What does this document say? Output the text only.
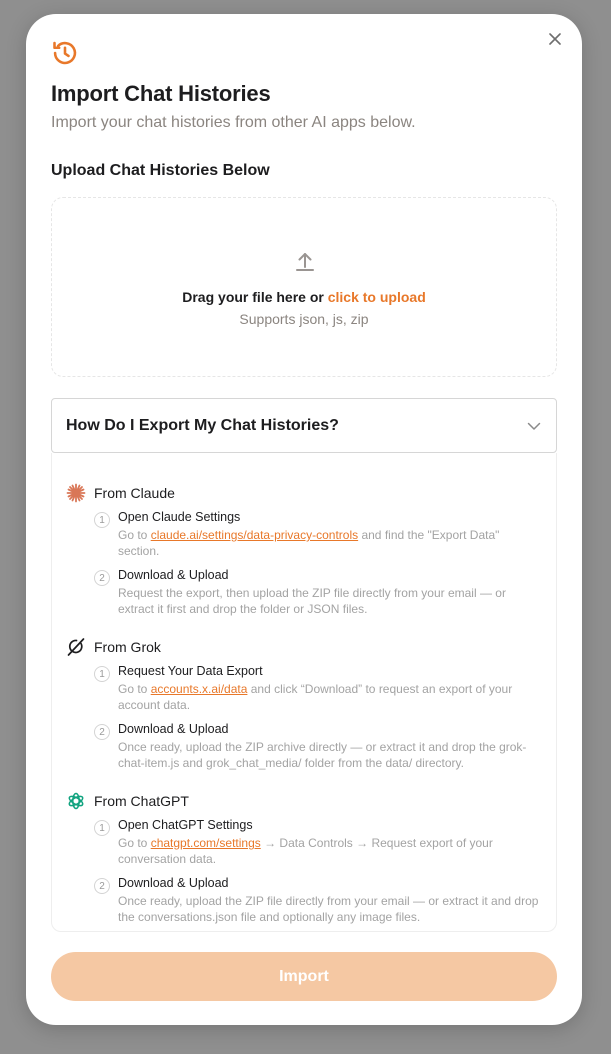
Import Chat Histories
Import your chat histories from other AI apps below.
Upload Chat Histories Below
Drag your file here or click to upload
Supports json, js, zip
How Do I Export My Chat Histories?
From Claude
1	Open Claude Settings
Go to claude.ai/settings/data-privacy-controls and find the "Export Data" section.
2	Download & Upload
Request the export, then upload the ZIP file directly from your email — or extract it first and drop the folder or JSON files.
From Grok
1	Request Your Data Export
Go to accounts.x.ai/data and click “Download” to request an export of your account data.
2	Download & Upload
Once ready, upload the ZIP archive directly — or extract it and drop the grok-chat-item.js and grok_chat_media/ folder from the data/ directory.
From ChatGPT
1	Open ChatGPT Settings
Go to chatgpt.com/settings → Data Controls → Request export of your conversation data.
2	Download & Upload
Once ready, upload the ZIP file directly from your email — or extract it and drop the conversations.json file and optionally any image files.
Import
